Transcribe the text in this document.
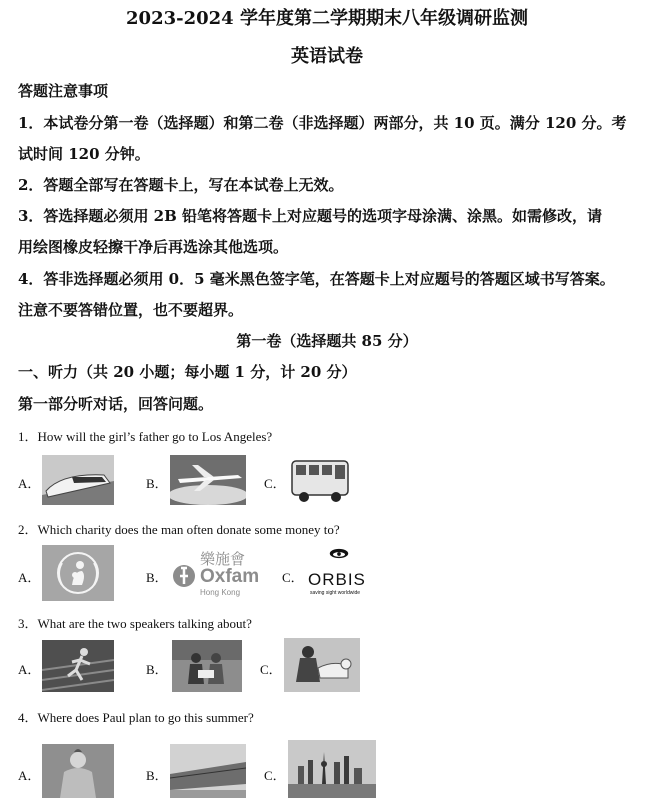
2023-2024 学年度第二学期期末八年级调研监测
英语试卷
答题注意事项
1．本试卷分第一卷（选择题）和第二卷（非选择题）两部分，共 10 页。满分 120 分。考
试时间 120 分钟。
2．答题全部写在答题卡上，写在本试卷上无效。
3．答选择题必须用 2B 铅笔将答题卡上对应题号的选项字母涂满、涂黑。如需修改，请
用绘图橡皮轻擦干净后再选涂其他选项。
4．答非选择题必须用 0．5 毫米黑色签字笔，在答题卡上对应题号的答题区域书写答案。
注意不要答错位置，也不要超界。
第一卷（选择题共 85 分）
一、听力（共 20 小题；每小题 1 分，计 20 分）
第一部分听对话，回答问题。
1．How will the girl’s father go to Los Angeles?
A．	B．	C．
2．Which charity does the man often donate some money to?
A．	B．
樂施會
Oxfam
Hong Kong
C． ORBIS
saving sight worldwide
3．What are the two speakers talking about?
A．	B．	C．
4．Where does Paul plan to go this summer?
A．	B．	C．
